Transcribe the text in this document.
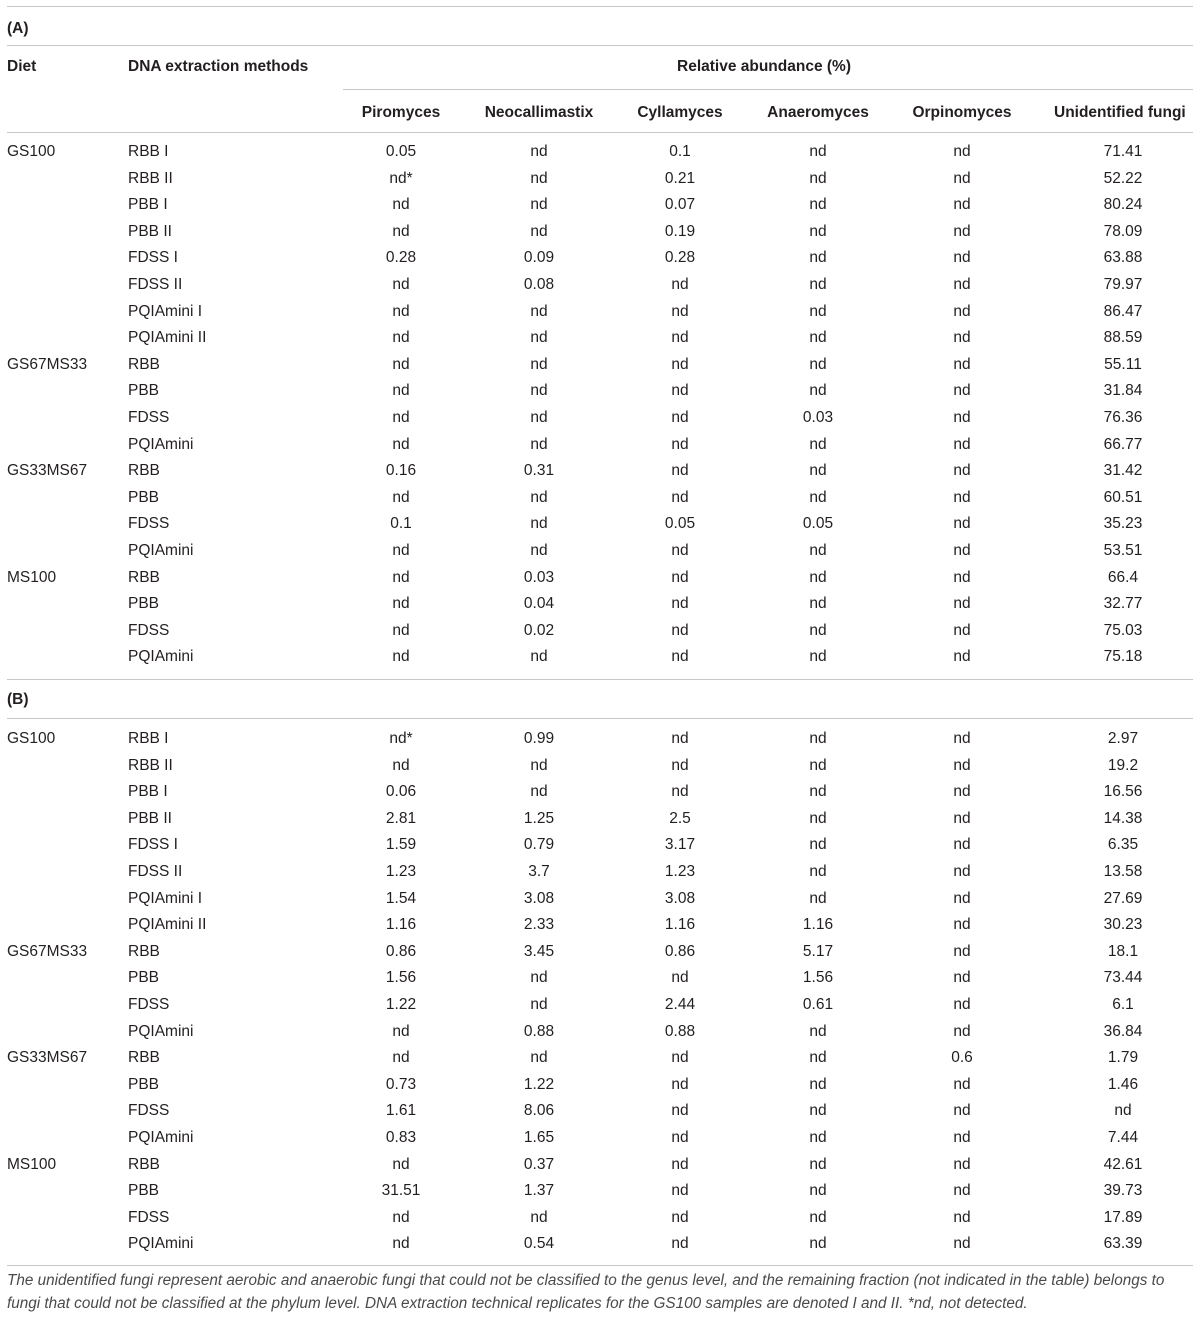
(A)
Diet	DNA extraction methods	Relative abundance (%)
Piromyces	Neocallimastix	Cyllamyces	Anaeromyces	Orpinomyces	Unidentified fungi
GS100	RBB I	0.05	nd	0.1	nd	nd	71.41
RBB II	nd*	nd	0.21	nd	nd	52.22
PBB I	nd	nd	0.07	nd	nd	80.24
PBB II	nd	nd	0.19	nd	nd	78.09
FDSS I	0.28	0.09	0.28	nd	nd	63.88
FDSS II	nd	0.08	nd	nd	nd	79.97
PQIAmini I	nd	nd	nd	nd	nd	86.47
PQIAmini II	nd	nd	nd	nd	nd	88.59
GS67MS33	RBB	nd	nd	nd	nd	nd	55.11
PBB	nd	nd	nd	nd	nd	31.84
FDSS	nd	nd	nd	0.03	nd	76.36
PQIAmini	nd	nd	nd	nd	nd	66.77
GS33MS67	RBB	0.16	0.31	nd	nd	nd	31.42
PBB	nd	nd	nd	nd	nd	60.51
FDSS	0.1	nd	0.05	0.05	nd	35.23
PQIAmini	nd	nd	nd	nd	nd	53.51
MS100	RBB	nd	0.03	nd	nd	nd	66.4
PBB	nd	0.04	nd	nd	nd	32.77
FDSS	nd	0.02	nd	nd	nd	75.03
PQIAmini	nd	nd	nd	nd	nd	75.18
(B)
GS100	RBB I	nd*	0.99	nd	nd	nd	2.97
RBB II	nd	nd	nd	nd	nd	19.2
PBB I	0.06	nd	nd	nd	nd	16.56
PBB II	2.81	1.25	2.5	nd	nd	14.38
FDSS I	1.59	0.79	3.17	nd	nd	6.35
FDSS II	1.23	3.7	1.23	nd	nd	13.58
PQIAmini I	1.54	3.08	3.08	nd	nd	27.69
PQIAmini II	1.16	2.33	1.16	1.16	nd	30.23
GS67MS33	RBB	0.86	3.45	0.86	5.17	nd	18.1
PBB	1.56	nd	nd	1.56	nd	73.44
FDSS	1.22	nd	2.44	0.61	nd	6.1
PQIAmini	nd	0.88	0.88	nd	nd	36.84
GS33MS67	RBB	nd	nd	nd	nd	0.6	1.79
PBB	0.73	1.22	nd	nd	nd	1.46
FDSS	1.61	8.06	nd	nd	nd	nd
PQIAmini	0.83	1.65	nd	nd	nd	7.44
MS100	RBB	nd	0.37	nd	nd	nd	42.61
PBB	31.51	1.37	nd	nd	nd	39.73
FDSS	nd	nd	nd	nd	nd	17.89
PQIAmini	nd	0.54	nd	nd	nd	63.39
The unidentified fungi represent aerobic and anaerobic fungi that could not be classified to the genus level, and the remaining fraction (not indicated in the table) belongs to fungi that could not be classified at the phylum level. DNA extraction technical replicates for the GS100 samples are denoted I and II. *nd, not detected.
